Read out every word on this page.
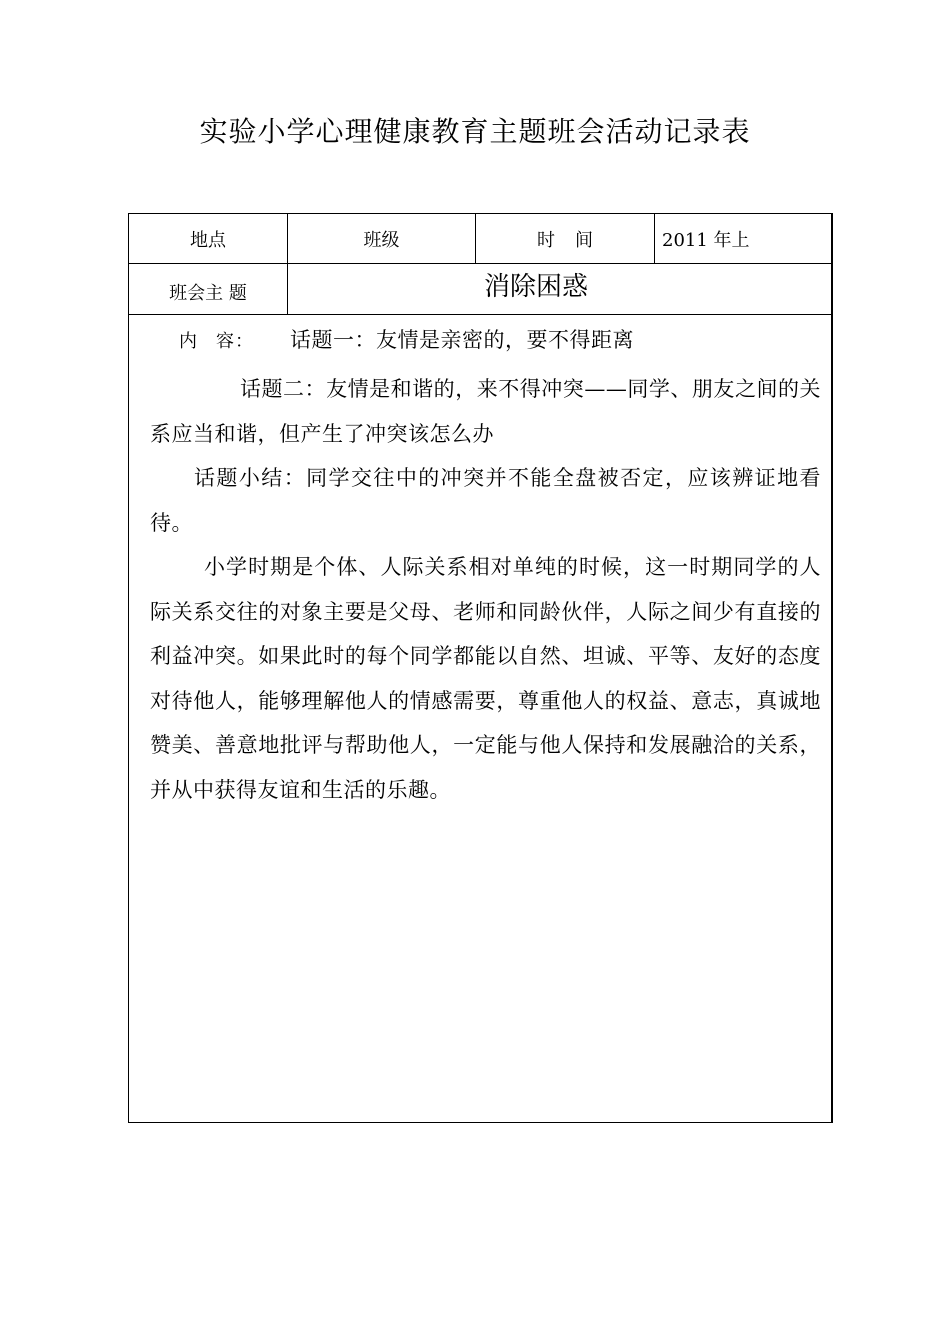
实验小学心理健康教育主题班会活动记录表
地点	班级	时间	2011 年上
班会主 题	消除困惑
内 容：	话题一：友情是亲密的，要不得距离

话题二：友情是和谐的，来不得冲突——同学、朋友之间的关系应当和谐，但产生了冲突该怎么办

话题小结：同学交往中的冲突并不能全盘被否定，应该辨证地看待。

小学时期是个体、人际关系相对单纯的时候，这一时期同学的人际关系交往的对象主要是父母、老师和同龄伙伴，人际之间少有直接的利益冲突。如果此时的每个同学都能以自然、坦诚、平等、友好的态度对待他人，能够理解他人的情感需要，尊重他人的权益、意志，真诚地赞美、善意地批评与帮助他人，一定能与他人保持和发展融洽的关系，并从中获得友谊和生活的乐趣。
